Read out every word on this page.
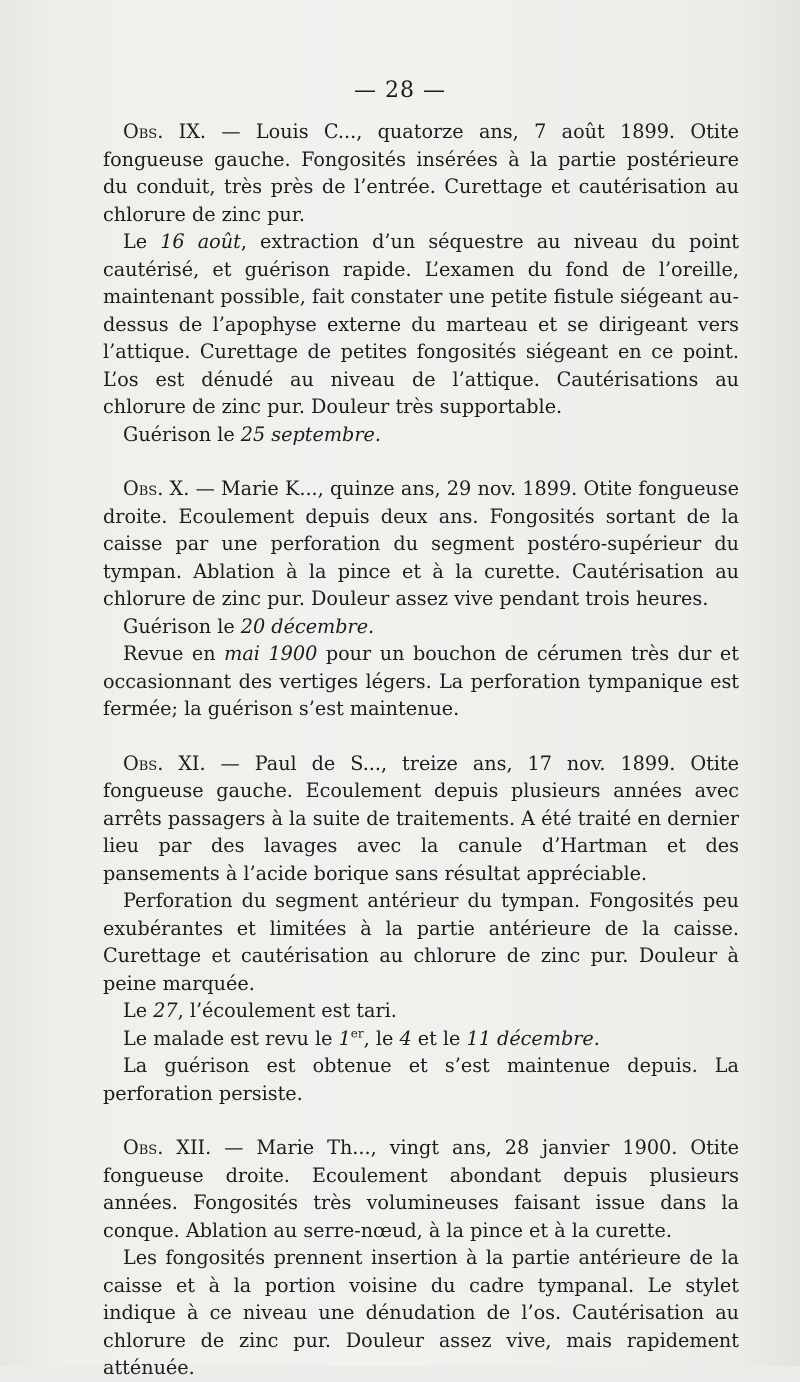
— 28 —

Obs. IX. — Louis C..., quatorze ans, 7 août 1899. Otite fongueuse gauche. Fongosités insérées à la partie postérieure du conduit, très près de l’entrée. Curettage et cautérisation au chlorure de zinc pur.

Le 16 août, extraction d’un séquestre au niveau du point cautérisé, et guérison rapide. L’examen du fond de l’oreille, maintenant possible, fait constater une petite fistule siégeant au-dessus de l’apophyse externe du marteau et se dirigeant vers l’attique. Curettage de petites fongosités siégeant en ce point. L’os est dénudé au niveau de l’attique. Cautérisations au chlorure de zinc pur. Douleur très supportable.

Guérison le 25 septembre.

Obs. X. — Marie K..., quinze ans, 29 nov. 1899. Otite fongueuse droite. Ecoulement depuis deux ans. Fongosités sortant de la caisse par une perforation du segment postéro-supérieur du tympan. Ablation à la pince et à la curette. Cautérisation au chlorure de zinc pur. Douleur assez vive pendant trois heures.

Guérison le 20 décembre.

Revue en mai 1900 pour un bouchon de cérumen très dur et occasionnant des vertiges légers. La perforation tympanique est fermée; la guérison s’est maintenue.

Obs. XI. — Paul de S..., treize ans, 17 nov. 1899. Otite fongueuse gauche. Ecoulement depuis plusieurs années avec arrêts passagers à la suite de traitements. A été traité en dernier lieu par des lavages avec la canule d’Hartman et des pansements à l’acide borique sans résultat appréciable.

Perforation du segment antérieur du tympan. Fongosités peu exubérantes et limitées à la partie antérieure de la caisse. Curettage et cautérisation au chlorure de zinc pur. Douleur à peine marquée.

Le 27, l’écoulement est tari.

Le malade est revu le 1er, le 4 et le 11 décembre.

La guérison est obtenue et s’est maintenue depuis. La perforation persiste.

Obs. XII. — Marie Th..., vingt ans, 28 janvier 1900. Otite fongueuse droite. Ecoulement abondant depuis plusieurs années. Fongosités très volumineuses faisant issue dans la conque. Ablation au serre-nœud, à la pince et à la curette.

Les fongosités prennent insertion à la partie antérieure de la caisse et à la portion voisine du cadre tympanal. Le stylet indique à ce niveau une dénudation de l’os. Cautérisation au chlorure de zinc pur. Douleur assez vive, mais rapidement atténuée.
